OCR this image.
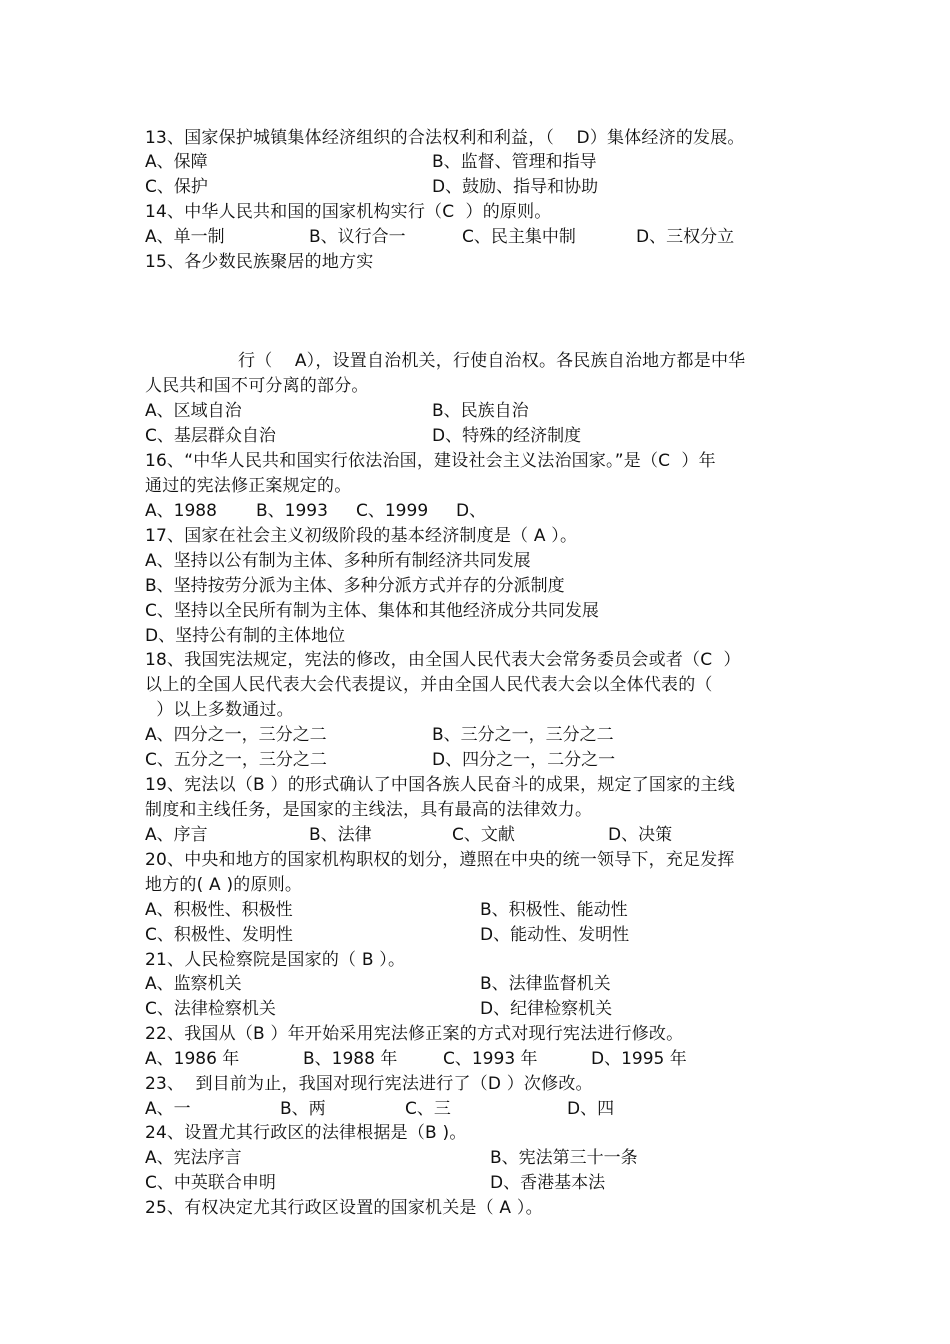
13、国家保护城镇集体经济组织的合法权利和利益，（    D）集体经济的发展。
A、保障	B、监督、管理和指导
C、保护	D、鼓励、指导和协助
14、中华人民共和国的国家机构实行（C  ）的原则。
A、单一制	B、议行合一	C、民主集中制	D、三权分立
15、各少数民族聚居的地方实
行（    A），设置自治机关，行使自治权。各民族自治地方都是中华
人民共和国不可分离的部分。
A、区域自治	B、民族自治
C、基层群众自治	D、特殊的经济制度
16、“中华人民共和国实行依法治国，建设社会主义法治国家。”是（C  ）年
通过的宪法修正案规定的。
A、1988 B、1993 C、1999 D、
17、国家在社会主义初级阶段的基本经济制度是（ A ）。
A、坚持以公有制为主体、多种所有制经济共同发展
B、坚持按劳分派为主体、多种分派方式并存的分派制度
C、坚持以全民所有制为主体、集体和其他经济成分共同发展
D、坚持公有制的主体地位
18、我国宪法规定，宪法的修改，由全国人民代表大会常务委员会或者（C  ）
以上的全国人民代表大会代表提议，并由全国人民代表大会以全体代表的（
）以上多数通过。
A、四分之一，三分之二	B、三分之一，三分之二
C、五分之一，三分之二	D、四分之一，二分之一
19、宪法以（B ）的形式确认了中国各族人民奋斗的成果，规定了国家的主线
制度和主线任务，是国家的主线法，具有最高的法律效力。
A、序言	B、法律	C、文献	D、决策
20、中央和地方的国家机构职权的划分，遵照在中央的统一领导下，充足发挥
地方的( A )的原则。
A、积极性、积极性	B、积极性、能动性
C、积极性、发明性	D、能动性、发明性
21、人民检察院是国家的（ B ）。
A、监察机关	B、法律监督机关
C、法律检察机关	D、纪律检察机关
22、我国从（B ）年开始采用宪法修正案的方式对现行宪法进行修改。
A、1986 年	B、1988 年	C、1993 年	D、1995 年
23、  到目前为止，我国对现行宪法进行了（D ）次修改。
A、一	B、两	C、三	D、四
24、设置尤其行政区的法律根据是（B )。
A、宪法序言	B、宪法第三十一条
C、中英联合申明	D、香港基本法
25、有权决定尤其行政区设置的国家机关是（ A ）。
